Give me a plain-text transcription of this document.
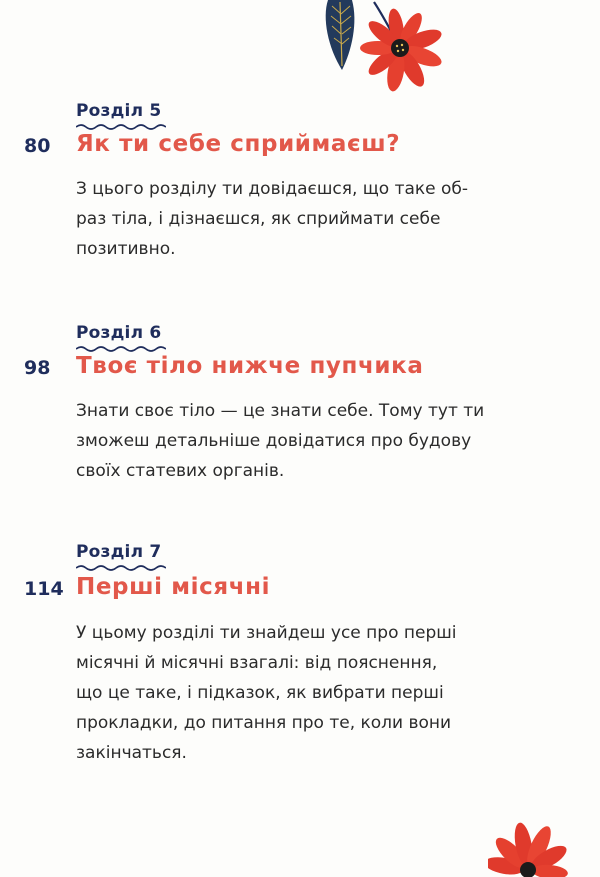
Розділ 5
80	Як ти себе сприймаєш?
З цього розділу ти довідаєшся, що таке об-
раз тіла, і дізнаєшся, як сприймати себе
позитивно.
Розділ 6
98	Твоє тіло нижче пупчика
Знати своє тіло — це знати себе. Тому тут ти
зможеш детальніше довідатися про будову
своїх статевих органів.
Розділ 7
114 Перші місячні
У цьому розділі ти знайдеш усе про перші
місячні й місячні взагалі: від пояснення,
що це таке, і підказок, як вибрати перші
прокладки, до питання про те, коли вони
закінчаться.
